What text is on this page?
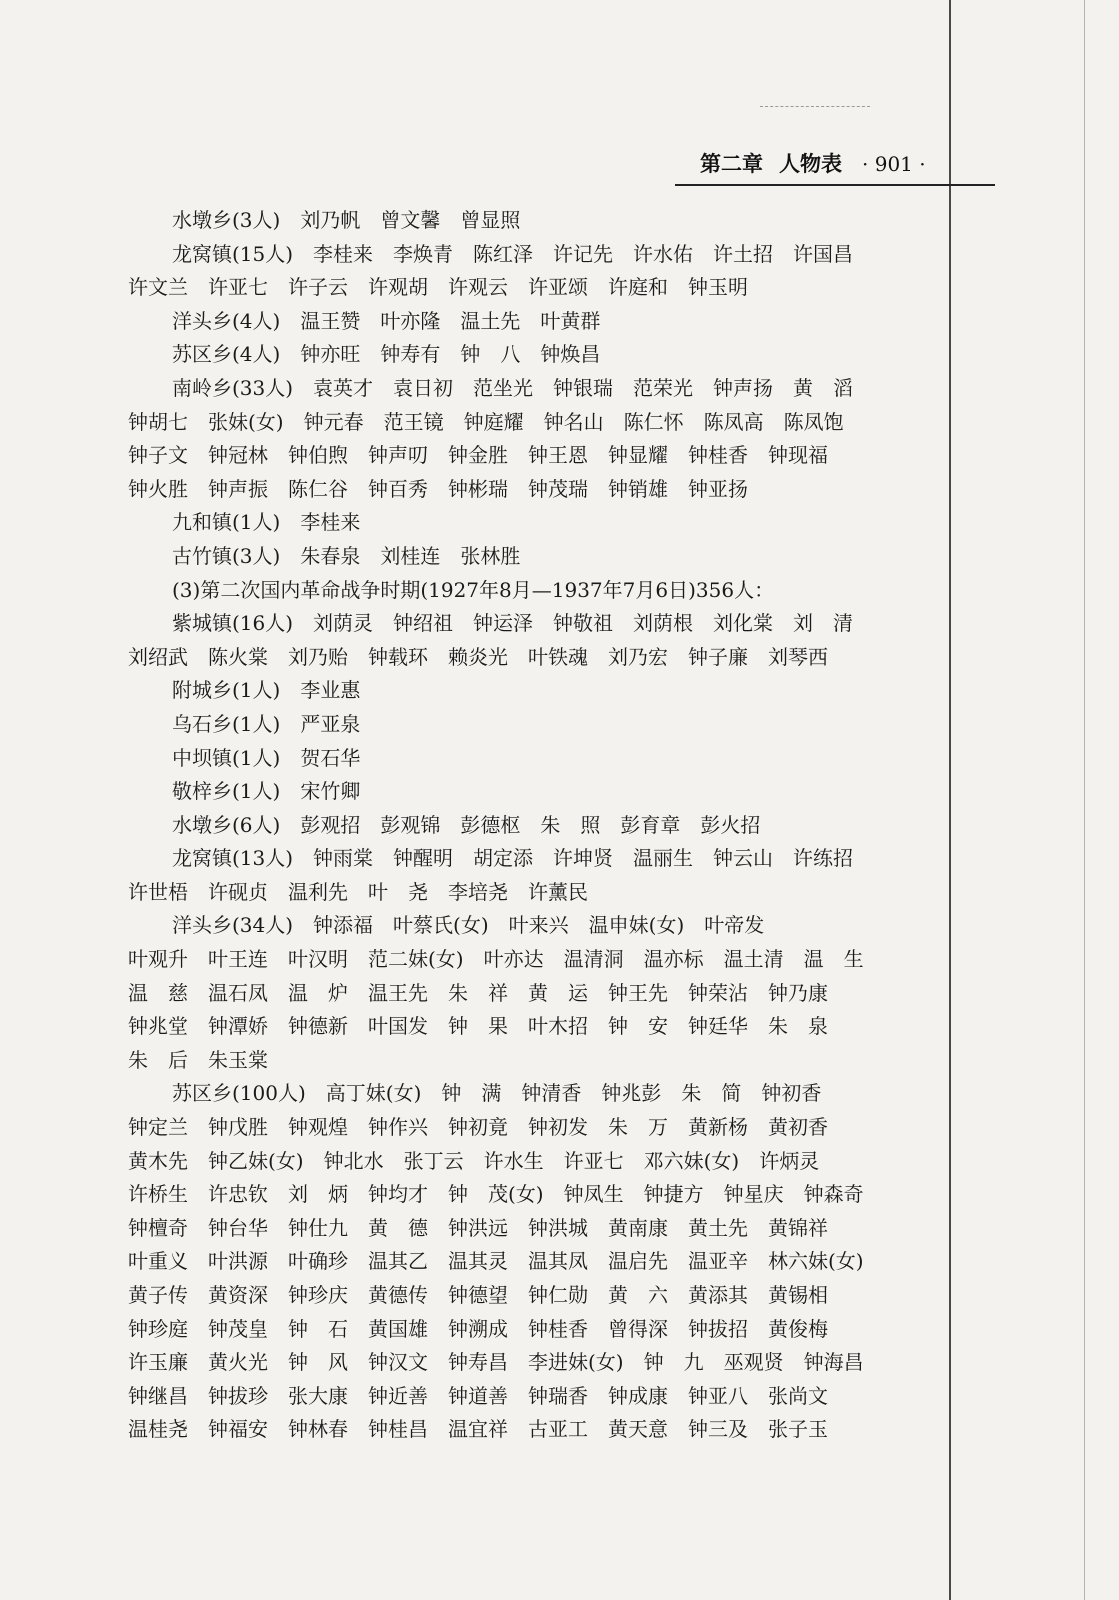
第二章 人物表 · 901 ·
水墩乡(3人)　刘乃帆　曾文馨　曾显照
龙窝镇(15人)　李桂来　李焕青　陈红泽　许记先　许水佑　许土招　许国昌
许文兰　许亚七　许子云　许观胡　许观云　许亚颂　许庭和　钟玉明
洋头乡(4人)　温王赞　叶亦隆　温土先　叶黄群
苏区乡(4人)　钟亦旺　钟寿有　钟　八　钟焕昌
南岭乡(33人)　袁英才　袁日初　范坐光　钟银瑞　范荣光　钟声扬　黄　滔
钟胡七　张妹(女)　钟元春　范王镜　钟庭耀　钟名山　陈仁怀　陈凤高　陈凤饱
钟子文　钟冠林　钟伯煦　钟声叨　钟金胜　钟王恩　钟显耀　钟桂香　钟现福
钟火胜　钟声振　陈仁谷　钟百秀　钟彬瑞　钟茂瑞　钟销雄　钟亚扬
九和镇(1人)　李桂来
古竹镇(3人)　朱春泉　刘桂连　张林胜
(3)第二次国内革命战争时期(1927年8月—1937年7月6日)356人：
紫城镇(16人)　刘荫灵　钟绍祖　钟运泽　钟敬祖　刘荫根　刘化棠　刘　清
刘绍武　陈火棠　刘乃贻　钟载环　赖炎光　叶铁魂　刘乃宏　钟子廉　刘琴西
附城乡(1人)　李业惠
乌石乡(1人)　严亚泉
中坝镇(1人)　贺石华
敬梓乡(1人)　宋竹卿
水墩乡(6人)　彭观招　彭观锦　彭德枢　朱　照　彭育章　彭火招
龙窝镇(13人)　钟雨棠　钟醒明　胡定添　许坤贤　温丽生　钟云山　许练招
许世梧　许砚贞　温利先　叶　尧　李培尧　许薰民
洋头乡(34人)　钟添福　叶蔡氏(女)　叶来兴　温申妹(女)　叶帝发
叶观升　叶王连　叶汉明　范二妹(女)　叶亦达　温清洞　温亦标　温土清　温　生
温　慈　温石凤　温　炉　温王先　朱　祥　黄　运　钟王先　钟荣沾　钟乃康
钟兆堂　钟潭娇　钟德新　叶国发　钟　果　叶木招　钟　安　钟廷华　朱　泉
朱　后　朱玉棠
苏区乡(100人)　高丁妹(女)　钟　满　钟清香　钟兆彭　朱　简　钟初香
钟定兰　钟戊胜　钟观煌　钟作兴　钟初竟　钟初发　朱　万　黄新杨　黄初香
黄木先　钟乙妹(女)　钟北水　张丁云　许水生　许亚七　邓六妹(女)　许炳灵
许桥生　许忠钦　刘　炳　钟均才　钟　茂(女)　钟凤生　钟捷方　钟星庆　钟森奇
钟檀奇　钟台华　钟仕九　黄　德　钟洪远　钟洪城　黄南康　黄土先　黄锦祥
叶重义　叶洪源　叶确珍　温其乙　温其灵　温其凤　温启先　温亚辛　林六妹(女)
黄子传　黄资深　钟珍庆　黄德传　钟德望　钟仁勋　黄　六　黄添其　黄锡相
钟珍庭　钟茂皇　钟　石　黄国雄　钟溯成　钟桂香　曾得深　钟拔招　黄俊梅
许玉廉　黄火光　钟　风　钟汉文　钟寿昌　李进妹(女)　钟　九　巫观贤　钟海昌
钟继昌　钟拔珍　张大康　钟近善　钟道善　钟瑞香　钟成康　钟亚八　张尚文
温桂尧　钟福安　钟林春　钟桂昌　温宜祥　古亚工　黄天意　钟三及　张子玉
